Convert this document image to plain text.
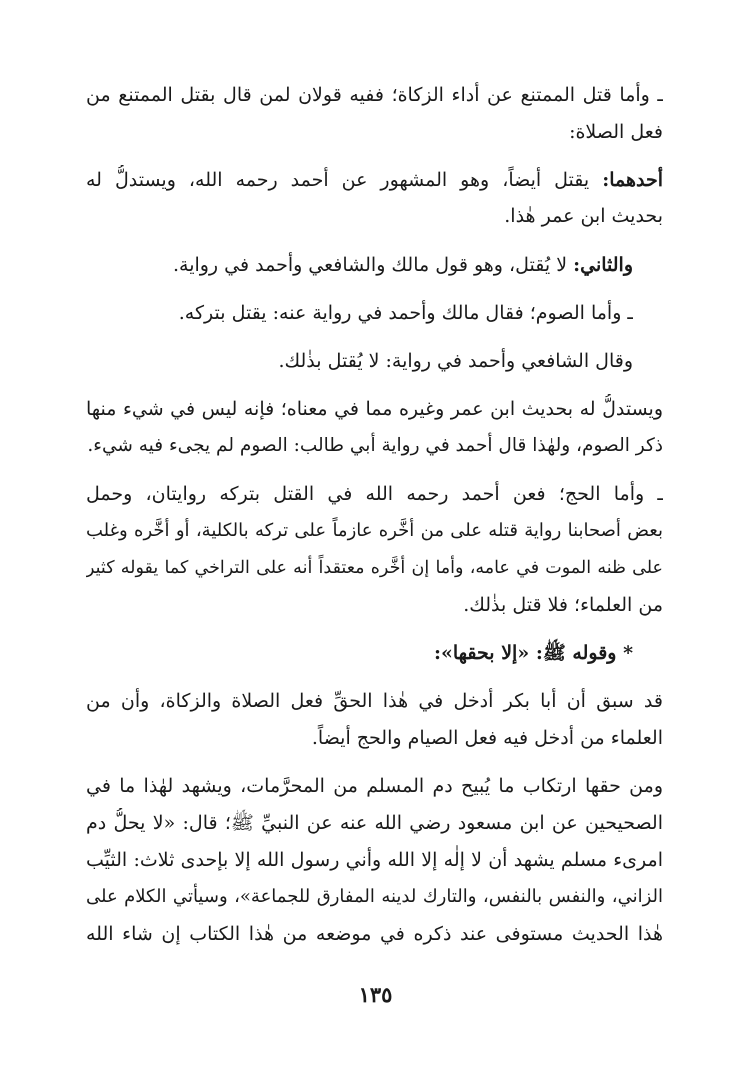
ـ وأما قتل الممتنع عن أداء الزكاة؛ ففيه قولان لمن قال بقتل الممتنع من
فعل الصلاة:
أحدهما: يقتل أيضاً، وهو المشهور عن أحمد رحمه الله، ويستدلُّ له
بحديث ابن عمر هٰذا.
والثاني: لا يُقتل، وهو قول مالك والشافعي وأحمد في رواية.
ـ وأما الصوم؛ فقال مالك وأحمد في رواية عنه: يقتل بتركه.
وقال الشافعي وأحمد في رواية: لا يُقتل بذٰلك.
ويستدلُّ له بحديث ابن عمر وغيره مما في معناه؛ فإنه ليس في شيء منها
ذكر الصوم، ولهٰذا قال أحمد في رواية أبي طالب: الصوم لم يجىء فيه شيء.
ـ وأما الحج؛ فعن أحمد رحمه الله في القتل بتركه روايتان، وحمل
بعض أصحابنا رواية قتله على من أخَّره عازماً على تركه بالكلية، أو أخَّره وغلب
على ظنه الموت في عامه، وأما إن أخَّره معتقداً أنه على التراخي كما يقوله كثير
من العلماء؛ فلا قتل بذٰلك.
* وقوله ﷺ: «إلا بحقها»:
قد سبق أن أبا بكر أدخل في هٰذا الحقِّ فعل الصلاة والزكاة، وأن من
العلماء من أدخل فيه فعل الصيام والحج أيضاً.
ومن حقها ارتكاب ما يُبيح دم المسلم من المحرَّمات، ويشهد لهٰذا ما في
الصحيحين عن ابن مسعود رضي الله عنه عن النبيِّ ﷺ؛ قال: «لا يحلُّ دم
امرىء مسلم يشهد أن لا إلٰه إلا الله وأني رسول الله إلا بإحدى ثلاث: الثيِّب
الزاني، والنفس بالنفس، والتارك لدينه المفارق للجماعة»، وسيأتي الكلام على
هٰذا الحديث مستوفى عند ذكره في موضعه من هٰذا الكتاب إن شاء الله
١٣٥
